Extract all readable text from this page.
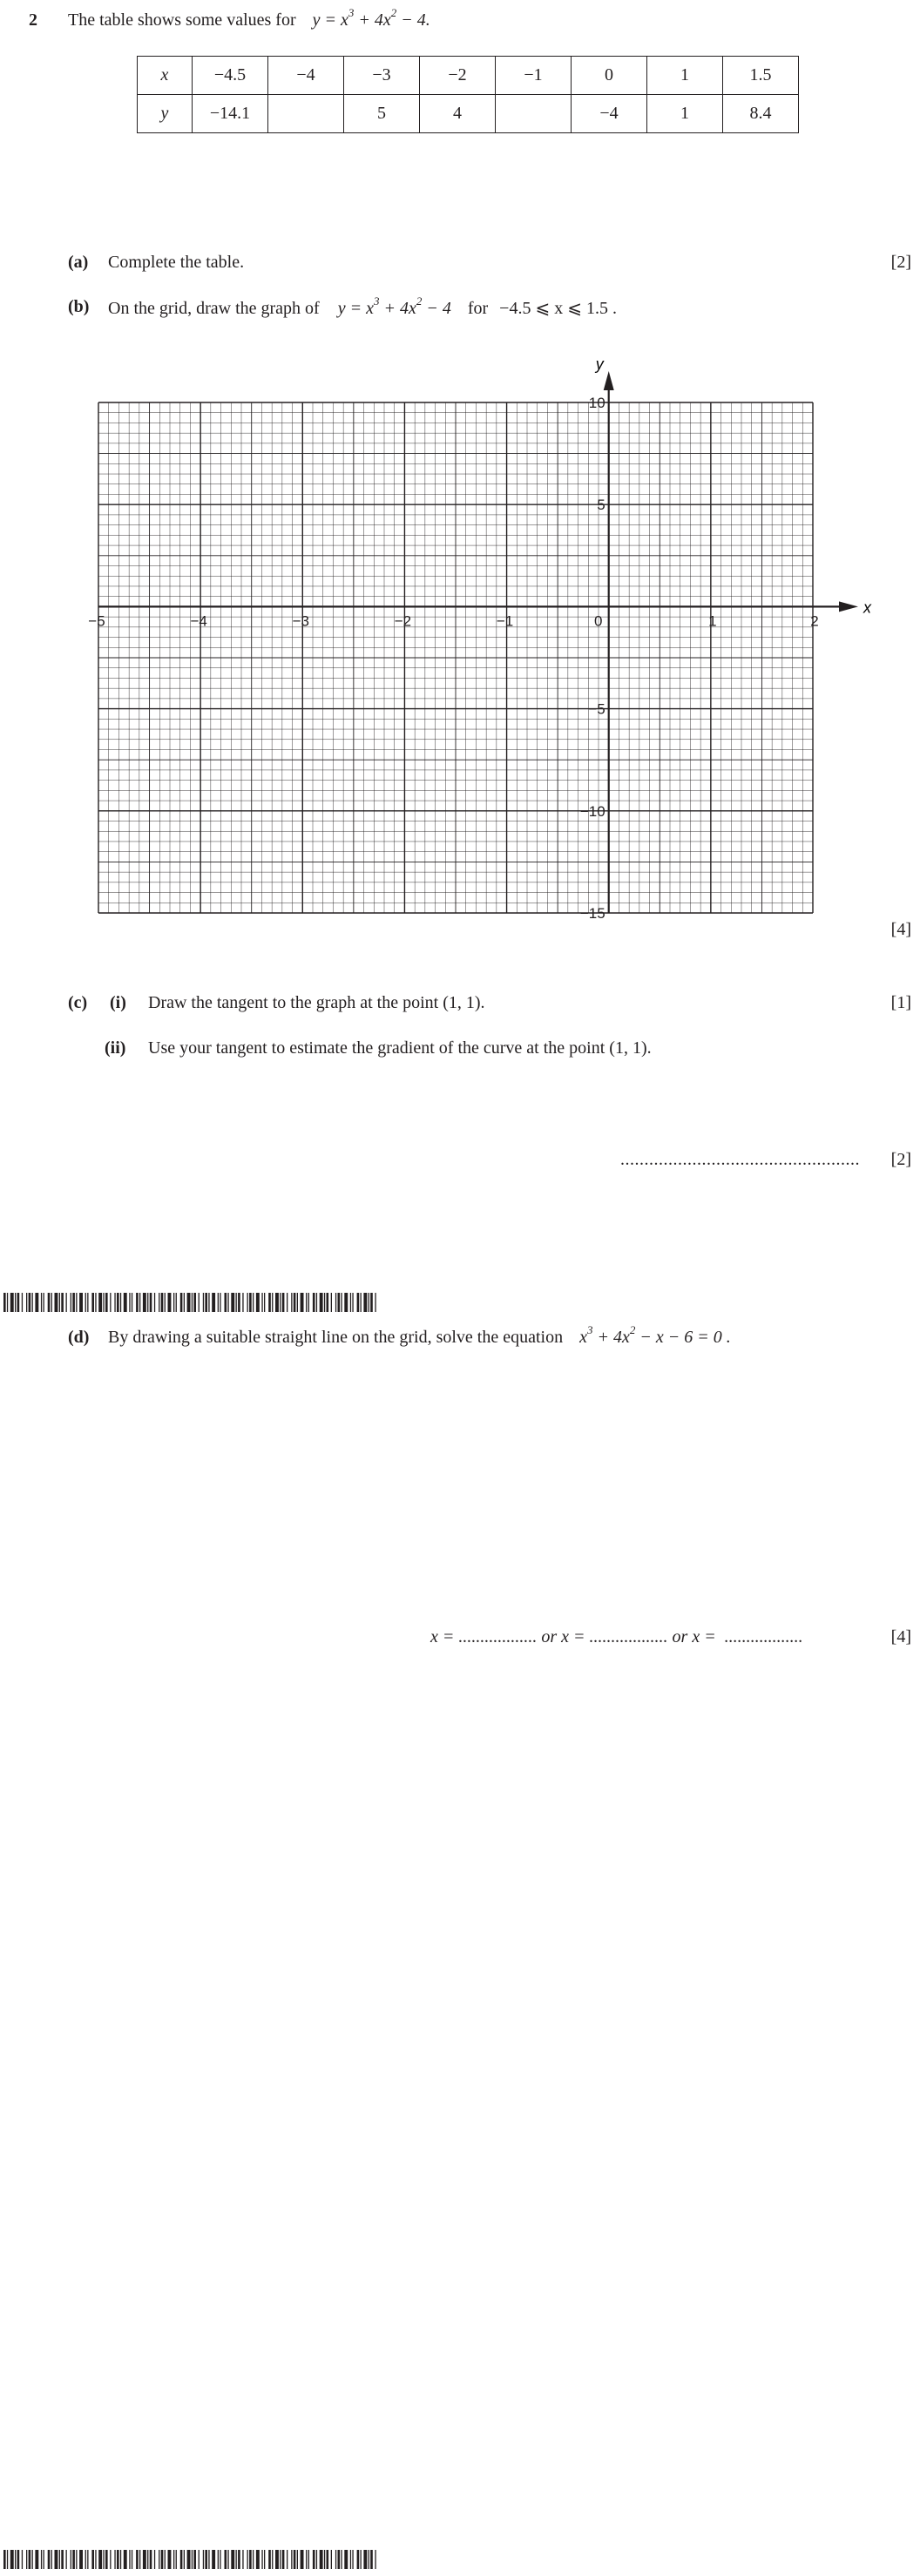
2 The table shows some values for $y = x^3 + 4x^2 - 4$.
x	−4.5	−4	−3	−2	−1	0	1	1.5
y	−14.1		5	4		−4	1	8.4
(a) Complete the table.	[2]
(b) On the grid, draw the graph of $y = x^3 + 4x^2 - 4$ for −4.5 ⩽ x ⩽ 1.5 .
x
y
−5	−4	−3	−2	−1	0	1	2
10
5
−5
−10
−15
[4]
(c) (i) Draw the tangent to the graph at the point (1, 1).	[1]
(ii) Use your tangent to estimate the gradient of the curve at the point (1, 1).
.................................................. [2]
(d) By drawing a suitable straight line on the grid, solve the equation $x^3 + 4x^2 - x - 6 = 0$ .
x = .................. or x = .................. or x =  ..................	[4]
